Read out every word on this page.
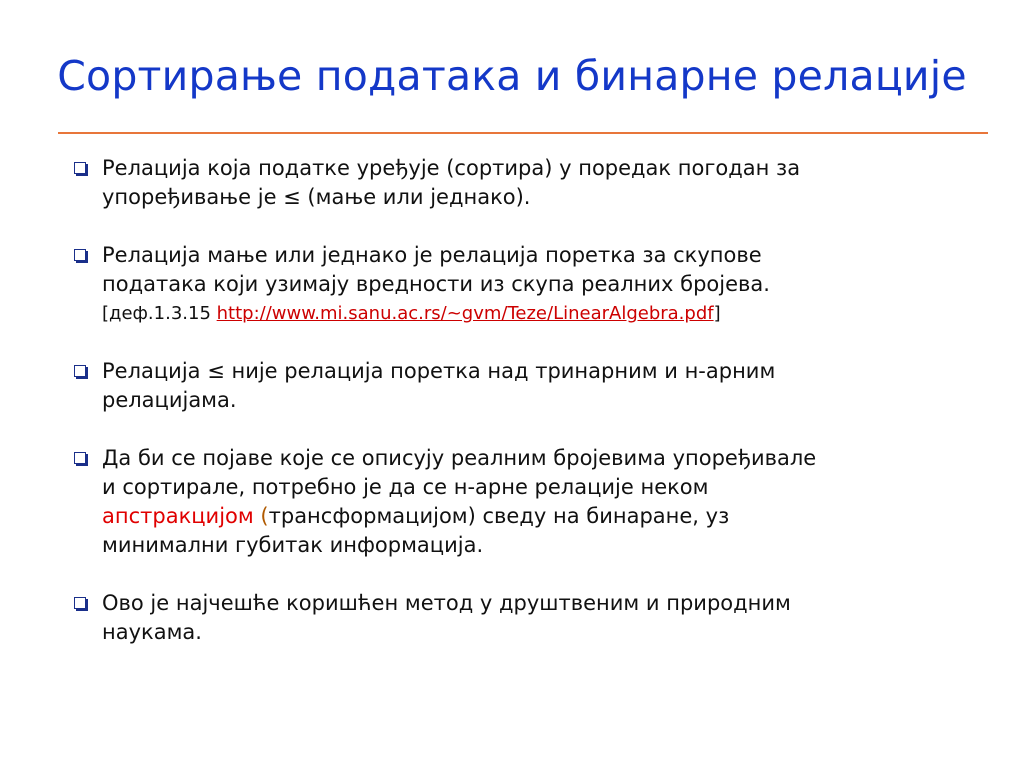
Сортирање података и бинарне релације
Релација која податке уређује (сортира) у поредак погодан за
упоређивање је ≤ (мање или једнако).
Релација мање или једнако је релација поретка за скупове
података који узимају вредности из скупа реалних бројева.
[деф.1.3.15 http://www.mi.sanu.ac.rs/~gvm/Teze/LinearAlgebra.pdf]
Релација ≤ није релација поретка над тринарним и н-арним
релацијама.
Да би се појаве које се описују реалним бројевима упоређивале
и сортирале, потребно је да се н-арне релације неком
апстракцијом (трансформацијом) сведу на бинаране, уз
минимални губитак информација.
Ово је најчешће коришћен метод у друштвеним и природним
наукама.
